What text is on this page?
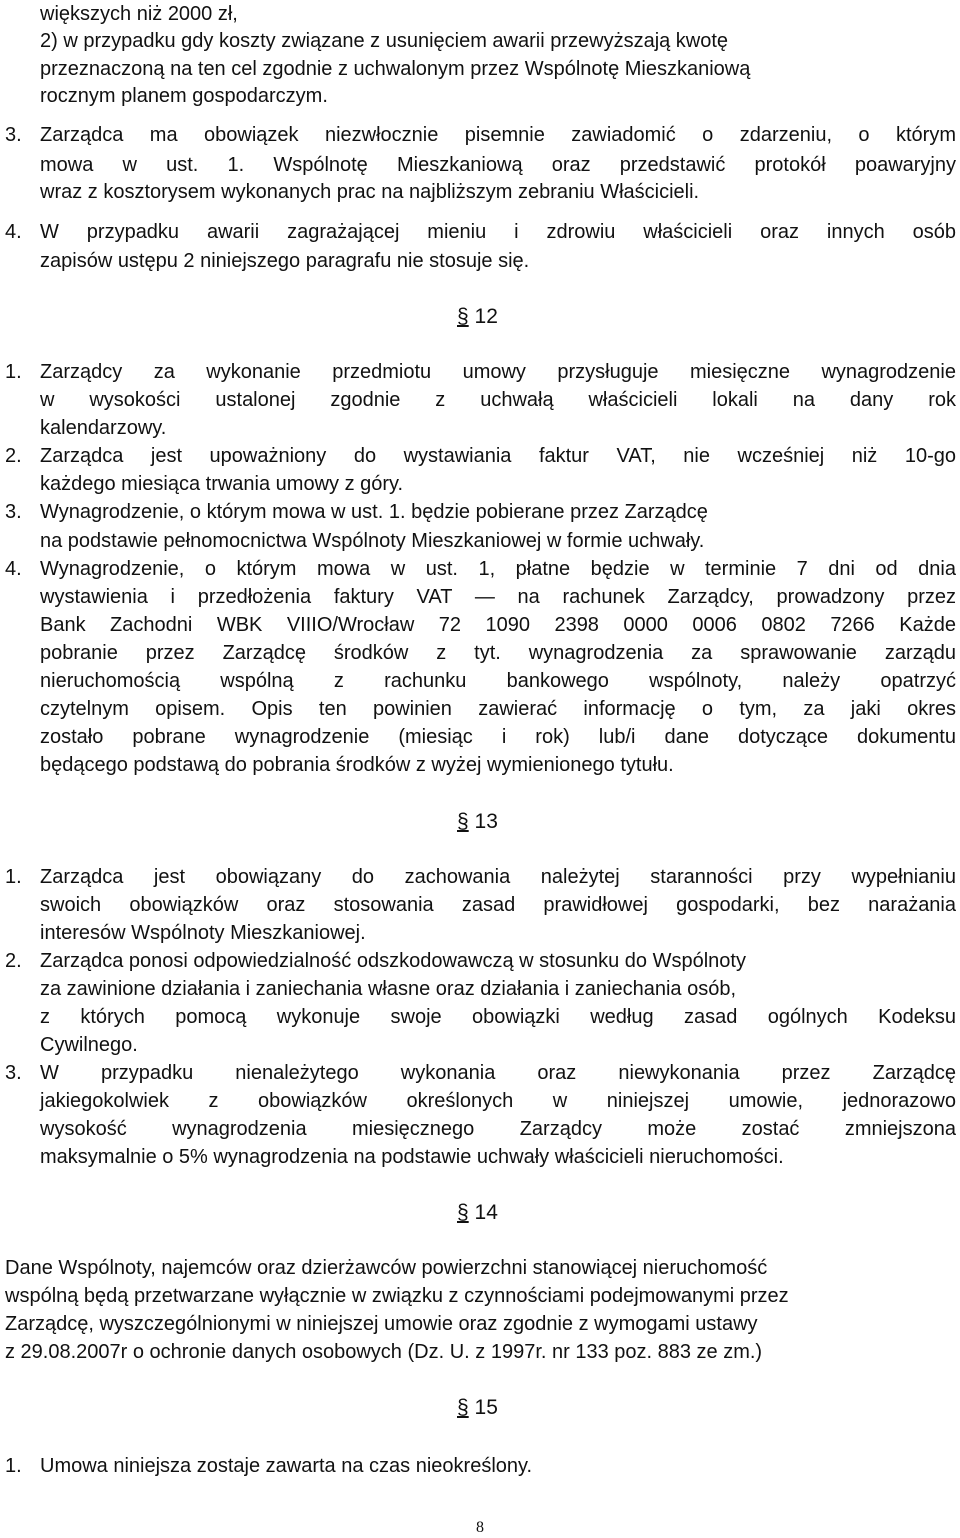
większych niż 2000 zł,
2) w przypadku gdy koszty związane z usunięciem awarii przewyższają kwotę
przeznaczoną na ten cel zgodnie z uchwalonym przez Wspólnotę Mieszkaniową
rocznym planem gospodarczym.
3. Zarządca ma obowiązek niezwłocznie pisemnie zawiadomić o zdarzeniu, o którym
mowa w ust. 1. Wspólnotę Mieszkaniową oraz przedstawić protokół poawaryjny
wraz z kosztorysem wykonanych prac na najbliższym zebraniu Właścicieli.
4. W przypadku awarii zagrażającej mieniu i zdrowiu właścicieli oraz innych osób
zapisów ustępu 2 niniejszego paragrafu nie stosuje się.
§ 12
1. Zarządcy za wykonanie przedmiotu umowy przysługuje miesięczne wynagrodzenie
w wysokości ustalonej zgodnie z uchwałą właścicieli lokali na dany rok
kalendarzowy.
2. Zarządca jest upoważniony do wystawiania faktur VAT, nie wcześniej niż 10-go
każdego miesiąca trwania umowy z góry.
3. Wynagrodzenie, o którym mowa w ust. 1. będzie pobierane przez Zarządcę
na podstawie pełnomocnictwa Wspólnoty Mieszkaniowej w formie uchwały.
4. Wynagrodzenie, o którym mowa w ust. 1, płatne będzie w terminie 7 dni od dnia
wystawienia i przedłożenia faktury VAT — na rachunek Zarządcy, prowadzony przez
Bank Zachodni WBK VIIIO/Wrocław 72 1090 2398 0000 0006 0802 7266 Każde
pobranie przez Zarządcę środków z tyt. wynagrodzenia za sprawowanie zarządu
nieruchomością wspólną z rachunku bankowego wspólnoty, należy opatrzyć
czytelnym opisem. Opis ten powinien zawierać informację o tym, za jaki okres
zostało pobrane wynagrodzenie (miesiąc i rok) lub/i dane dotyczące dokumentu
będącego podstawą do pobrania środków z wyżej wymienionego tytułu.
§ 13
1. Zarządca jest obowiązany do zachowania należytej staranności przy wypełnianiu
swoich obowiązków oraz stosowania zasad prawidłowej gospodarki, bez narażania
interesów Wspólnoty Mieszkaniowej.
2. Zarządca ponosi odpowiedzialność odszkodowawczą w stosunku do Wspólnoty
za zawinione działania i zaniechania własne oraz działania i zaniechania osób,
z których pomocą wykonuje swoje obowiązki według zasad ogólnych Kodeksu
Cywilnego.
3. W przypadku nienależytego wykonania oraz niewykonania przez Zarządcę
jakiegokolwiek z obowiązków określonych w niniejszej umowie, jednorazowo
wysokość wynagrodzenia miesięcznego Zarządcy może zostać zmniejszona
maksymalnie o 5% wynagrodzenia na podstawie uchwały właścicieli nieruchomości.
§ 14
Dane Wspólnoty, najemców oraz dzierżawców powierzchni stanowiącej nieruchomość
wspólną będą przetwarzane wyłącznie w związku z czynnościami podejmowanymi przez
Zarządcę, wyszczególnionymi w niniejszej umowie oraz zgodnie z wymogami ustawy
z 29.08.2007r o ochronie danych osobowych (Dz. U. z 1997r. nr 133 poz. 883 ze zm.)
§ 15
1. Umowa niniejsza zostaje zawarta na czas nieokreślony.
8
